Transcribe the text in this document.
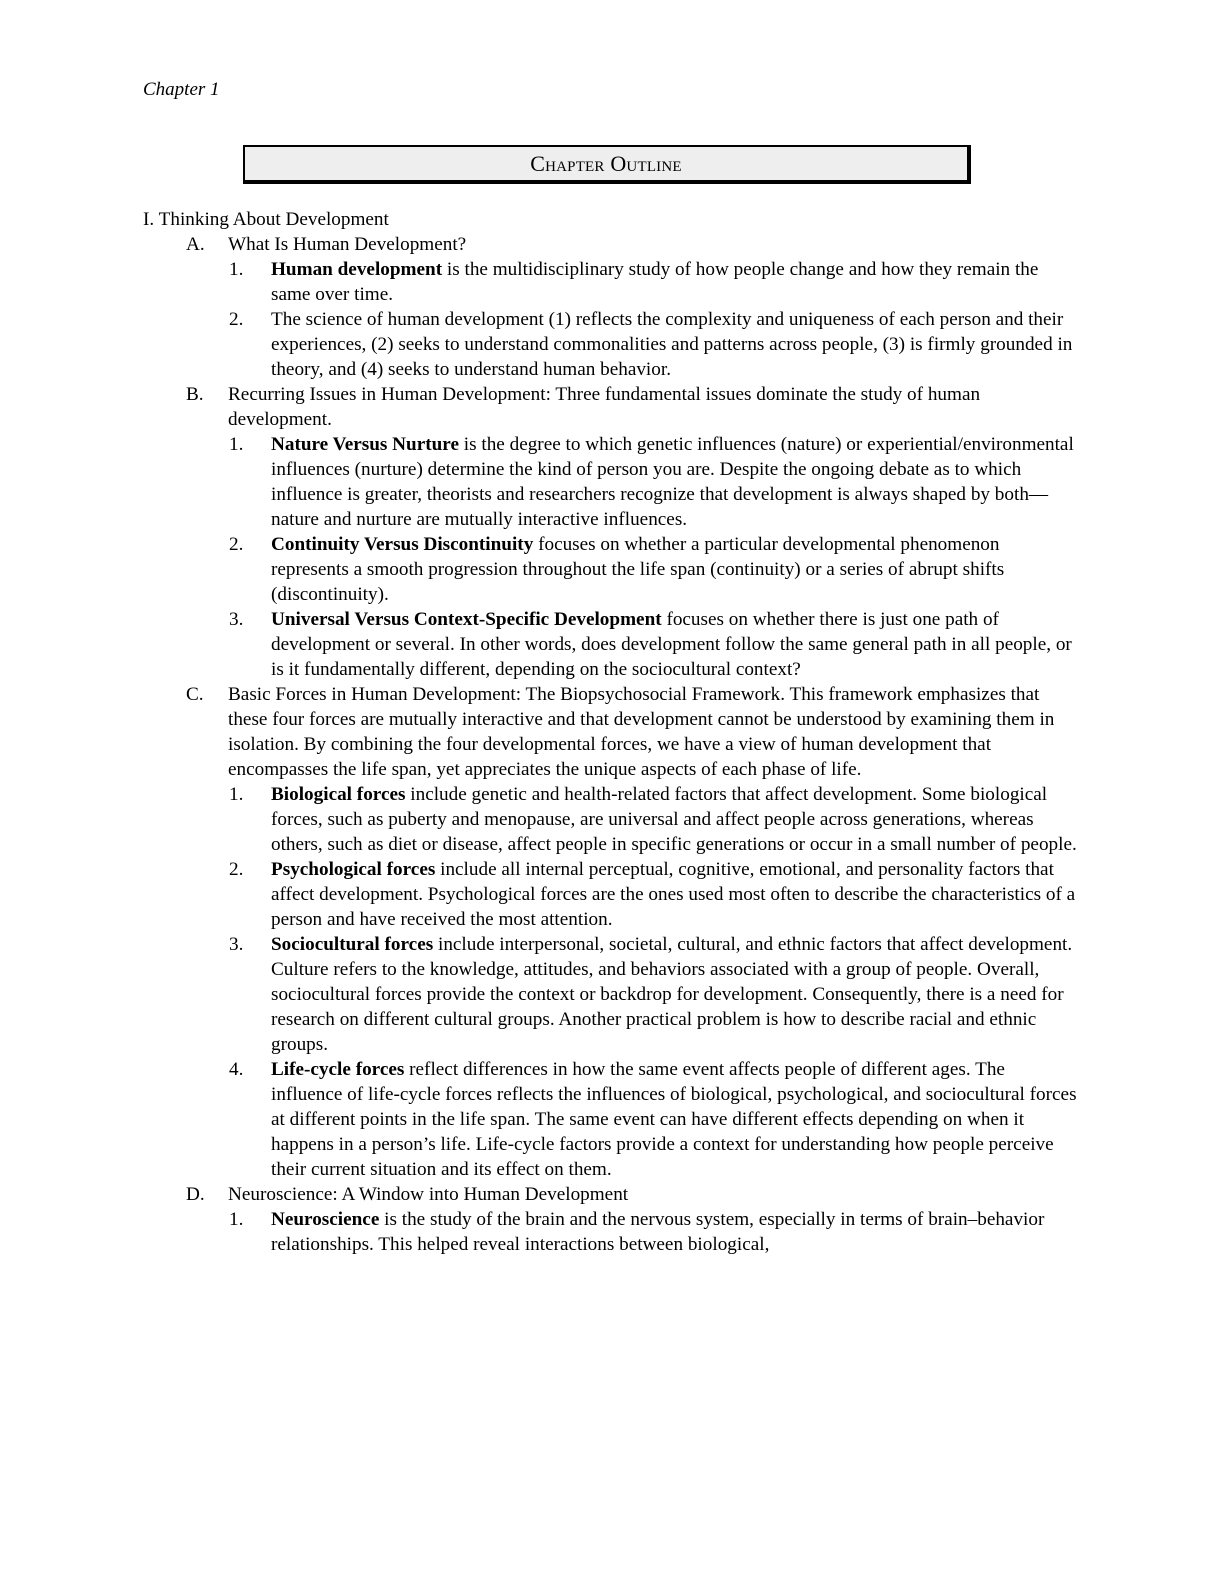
Chapter 1
Chapter Outline
I. Thinking About Development
A.	What Is Human Development?
1.	Human development is the multidisciplinary study of how people change and how they remain the same over time.
2.	The science of human development (1) reflects the complexity and uniqueness of each person and their experiences, (2) seeks to understand commonalities and patterns across people, (3) is firmly grounded in theory, and (4) seeks to understand human behavior.
B.	Recurring Issues in Human Development: Three fundamental issues dominate the study of human development.
1.	Nature Versus Nurture is the degree to which genetic influences (nature) or experiential/environmental influences (nurture) determine the kind of person you are. Despite the ongoing debate as to which influence is greater, theorists and researchers recognize that development is always shaped by both—nature and nurture are mutually interactive influences.
2.	Continuity Versus Discontinuity focuses on whether a particular developmental phenomenon represents a smooth progression throughout the life span (continuity) or a series of abrupt shifts (discontinuity).
3.	Universal Versus Context-Specific Development focuses on whether there is just one path of development or several. In other words, does development follow the same general path in all people, or is it fundamentally different, depending on the sociocultural context?
C.	Basic Forces in Human Development: The Biopsychosocial Framework. This framework emphasizes that these four forces are mutually interactive and that development cannot be understood by examining them in isolation. By combining the four developmental forces, we have a view of human development that encompasses the life span, yet appreciates the unique aspects of each phase of life.
1.	Biological forces include genetic and health-related factors that affect development. Some biological forces, such as puberty and menopause, are universal and affect people across generations, whereas others, such as diet or disease, affect people in specific generations or occur in a small number of people.
2.	Psychological forces include all internal perceptual, cognitive, emotional, and personality factors that affect development. Psychological forces are the ones used most often to describe the characteristics of a person and have received the most attention.
3.	Sociocultural forces include interpersonal, societal, cultural, and ethnic factors that affect development. Culture refers to the knowledge, attitudes, and behaviors associated with a group of people. Overall, sociocultural forces provide the context or backdrop for development. Consequently, there is a need for research on different cultural groups. Another practical problem is how to describe racial and ethnic groups.
4.	Life-cycle forces reflect differences in how the same event affects people of different ages. The influence of life-cycle forces reflects the influences of biological, psychological, and sociocultural forces at different points in the life span. The same event can have different effects depending on when it happens in a person’s life. Life-cycle factors provide a context for understanding how people perceive their current situation and its effect on them.
D.	Neuroscience: A Window into Human Development
1.	Neuroscience is the study of the brain and the nervous system, especially in terms of brain–behavior relationships. This helped reveal interactions between biological,
